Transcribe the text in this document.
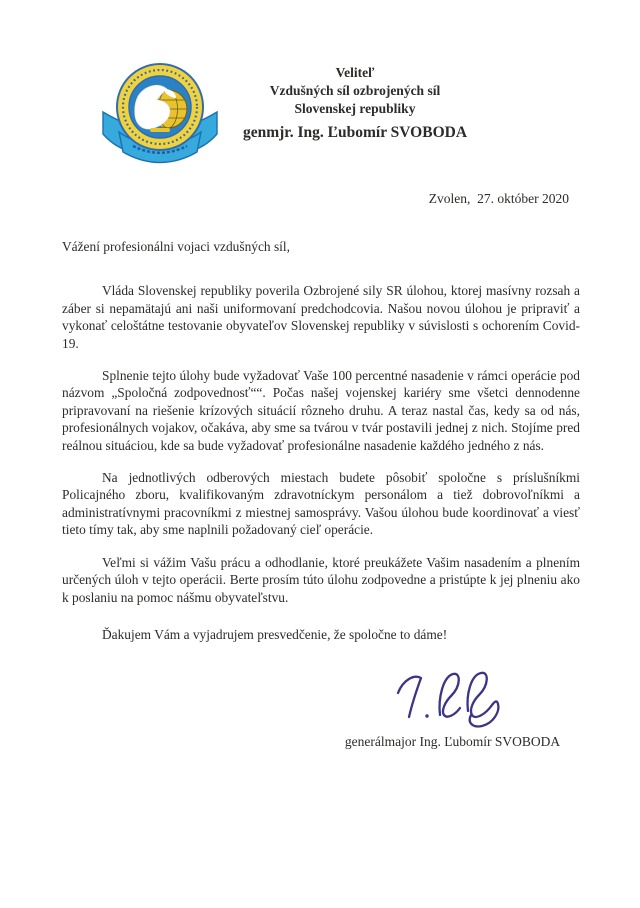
Veliteľ
Vzdušných síl ozbrojených síl
Slovenskej republiky
genmjr. Ing. Ľubomír SVOBODA
Zvolen,  27. október 2020

Vážení profesionálni vojaci vzdušných síl,

Vláda Slovenskej republiky poverila Ozbrojené sily SR úlohou, ktorej masívny rozsah a záber si nepamätajú ani naši uniformovaní predchodcovia. Našou novou úlohou je pripraviť a vykonať celoštátne testovanie obyvateľov Slovenskej republiky v súvislosti s ochorením Covid-19.

Splnenie tejto úlohy bude vyžadovať Vaše 100 percentné nasadenie v rámci operácie pod názvom „Spoločná zodpovednosť““. Počas našej vojenskej kariéry sme všetci dennodenne pripravovaní na riešenie krízových situácií rôzneho druhu. A teraz nastal čas, kedy sa od nás, profesionálnych vojakov, očakáva, aby sme sa tvárou v tvár postavili jednej z nich. Stojíme pred reálnou situáciou, kde sa bude vyžadovať profesionálne nasadenie každého jedného z nás.

Na jednotlivých odberových miestach budete pôsobiť spoločne s príslušníkmi Policajného zboru, kvalifikovaným zdravotníckym personálom a tiež dobrovoľníkmi a administratívnymi pracovníkmi z miestnej samosprávy. Vašou úlohou bude koordinovať a viesť tieto tímy tak, aby sme naplnili požadovaný cieľ operácie.

Veľmi si vážim Vašu prácu a odhodlanie, ktoré preukážete Vašim nasadením a plnením určených úloh v tejto operácii. Berte prosím túto úlohu zodpovedne a pristúpte k jej plneniu ako k poslaniu na pomoc nášmu obyvateľstvu.

Ďakujem Vám a vyjadrujem presvedčenie, že spoločne to dáme!

generálmajor Ing. Ľubomír SVOBODA
